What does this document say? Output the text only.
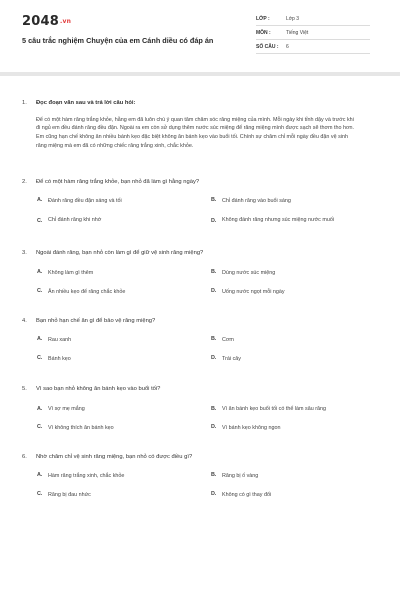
2048.vn
5 câu trắc nghiệm Chuyện của em Cánh diều có đáp án
LỚP :	Lớp 3
MÔN :	Tiếng Việt
SỐ CÂU :	6
1. Đọc đoạn văn sau và trả lời câu hỏi:
Để có một hàm răng trắng khỏe, hằng em đã luôn chú ý quan tâm chăm sóc răng miệng của mình. Mỗi ngày khi tỉnh dậy và trước khi đi ngủ em đều đánh răng đều đặn. Ngoài ra em còn sử dụng thêm nước súc miệng để răng miệng mình được sạch sẽ thơm tho hơn. Em cũng hạn chế không ăn nhiều bánh kẹo đặc biệt không ăn bánh kẹo vào buổi tối. Chính sự chăm chỉ mỗi ngày đều đặn vệ sinh răng miệng mà em đã có những chiếc răng trắng xinh, chắc khỏe.
2. Để có một hàm răng trắng khỏe, bạn nhỏ đã làm gì hằng ngày?
A.	Đánh răng đều đặn sáng và tối	B.	Chỉ đánh răng vào buổi sáng
C.	Chỉ đánh răng khi nhớ	D.	Không đánh răng nhưng súc miệng nước muối
3. Ngoài đánh răng, bạn nhỏ còn làm gì để giữ vệ sinh răng miệng?
A.	Không làm gì thêm	B.	Dùng nước súc miệng
C.	Ăn nhiều kẹo để răng chắc khỏe	D.	Uống nước ngọt mỗi ngày
4. Bạn nhỏ hạn chế ăn gì để bảo vệ răng miệng?
A.	Rau xanh	B.	Cơm
C.	Bánh kẹo	D.	Trái cây
5. Vì sao bạn nhỏ không ăn bánh kẹo vào buổi tối?
A.	Vì sợ mẹ mắng	B.	Vì ăn bánh kẹo buổi tối có thể làm sâu răng
C.	Vì không thích ăn bánh kẹo	D.	Vì bánh kẹo không ngon
6. Nhờ chăm chỉ vệ sinh răng miệng, bạn nhỏ có được điều gì?
A.	Hàm răng trắng xinh, chắc khỏe	B.	Răng bị ố vàng
C.	Răng bị đau nhức	D.	Không có gì thay đổi
